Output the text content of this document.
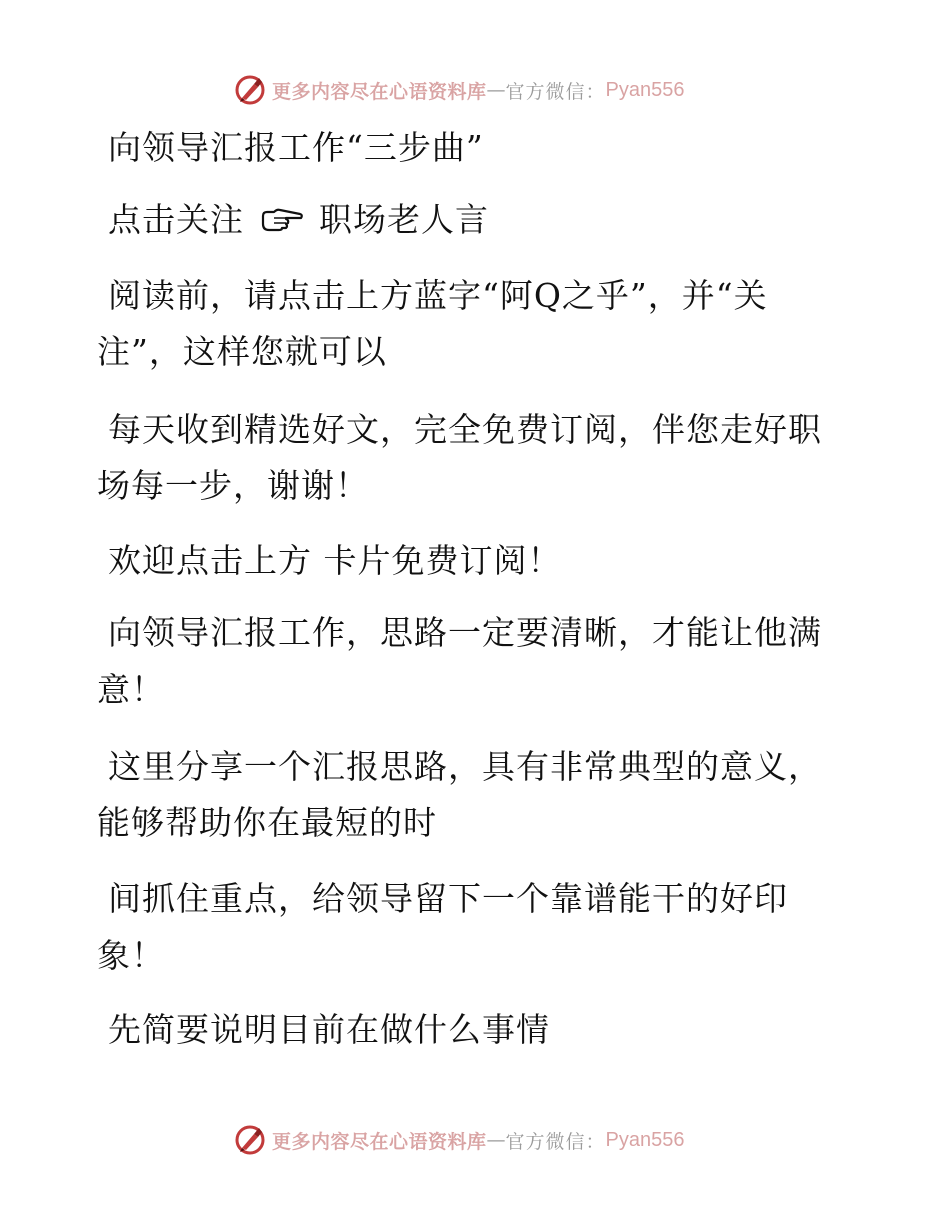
更多内容尽在心语资料库 — 官方微信： Pyan556
向领导汇报工作“三步曲”
点击关注 职场老人言
阅读前，请点击上方蓝字“阿Q之乎”，并“关
注”，这样您就可以
每天收到精选好文，完全免费订阅，伴您走好职
场每一步，谢谢！
欢迎点击上方 卡片免费订阅！
向领导汇报工作，思路一定要清晰，才能让他满
意！
这里分享一个汇报思路，具有非常典型的意义，
能够帮助你在最短的时
间抓住重点，给领导留下一个靠谱能干的好印
象！
先简要说明目前在做什么事情
更多内容尽在心语资料库 — 官方微信： Pyan556
